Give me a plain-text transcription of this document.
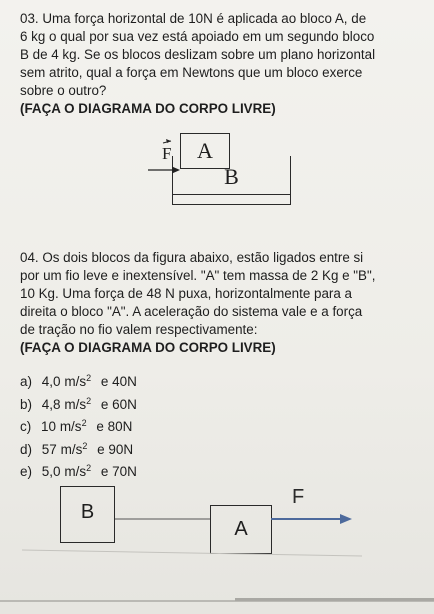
03. Uma força horizontal de 10N é aplicada ao bloco A, de
6 kg o qual por sua vez está apoiado em um segundo bloco
B de 4 kg. Se os blocos deslizam sobre um plano horizontal
sem atrito, qual a força em Newtons que um bloco exerce
sobre o outro?
(FAÇA O DIAGRAMA DO CORPO LIVRE)
A
B
F
04. Os dois blocos da figura abaixo, estão ligados entre si
por um fio leve e inextensível. "A" tem massa de 2 Kg e "B",
10 Kg. Uma força de 48 N puxa, horizontalmente para a
direita o bloco "A". A aceleração do sistema vale e a força
de tração no fio valem respectivamente:
(FAÇA O DIAGRAMA DO CORPO LIVRE)
a) 4,0 $m/s^2$ e 40N
b) 4,8 $m/s^2$ e 60N
c) 10 $m/s^2$ e 80N
d) 57 $m/s^2$ e 90N
e) 5,0 $m/s^2$ e 70N
B
A
F
